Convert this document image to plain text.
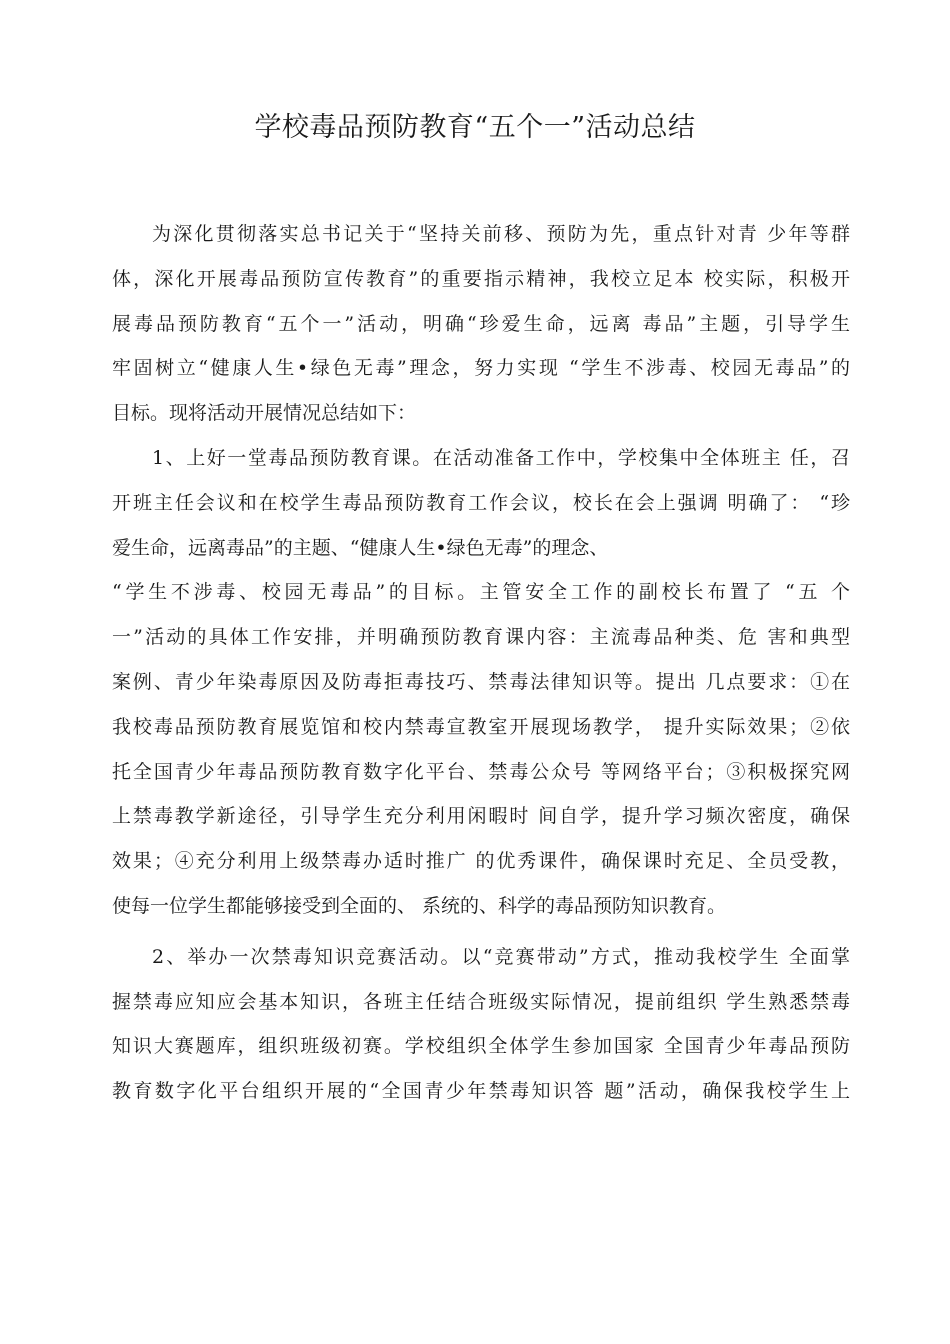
学校毒品预防教育“五个一”活动总结
为深化贯彻落实总书记关于“坚持关前移、预防为先，重点针对青 少年等群
体，深化开展毒品预防宣传教育”的重要指示精神，我校立足本 校实际，积极开
展毒品预防教育“五个一”活动，明确“珍爱生命，远离 毒品”主题，引导学生
牢固树立“健康人生•绿色无毒”理念，努力实现 “学生不涉毒、校园无毒品”的
目标。现将活动开展情况总结如下：
1、上好一堂毒品预防教育课。在活动准备工作中，学校集中全体班主 任，召
开班主任会议和在校学生毒品预防教育工作会议，校长在会上强调 明确了： “珍
爱生命，远离毒品”的主题、“健康人生•绿色无毒”的理念、
“学生不涉毒、校园无毒品”的目标。主管安全工作的副校长布置了 “五 个
一”活动的具体工作安排，并明确预防教育课内容：主流毒品种类、危 害和典型
案例、青少年染毒原因及防毒拒毒技巧、禁毒法律知识等。提出 几点要求：①在
我校毒品预防教育展览馆和校内禁毒宣教室开展现场教学， 提升实际效果；②依
托全国青少年毒品预防教育数字化平台、禁毒公众号 等网络平台；③积极探究网
上禁毒教学新途径，引导学生充分利用闲暇时 间自学，提升学习频次密度，确保
效果；④充分利用上级禁毒办适时推广 的优秀课件，确保课时充足、全员受教，
使每一位学生都能够接受到全面的、 系统的、科学的毒品预防知识教育。
2、举办一次禁毒知识竞赛活动。以“竞赛带动”方式，推动我校学生 全面掌
握禁毒应知应会基本知识，各班主任结合班级实际情况，提前组织 学生熟悉禁毒
知识大赛题库，组织班级初赛。学校组织全体学生参加国家 全国青少年毒品预防
教育数字化平台组织开展的“全国青少年禁毒知识答 题”活动，确保我校学生上
